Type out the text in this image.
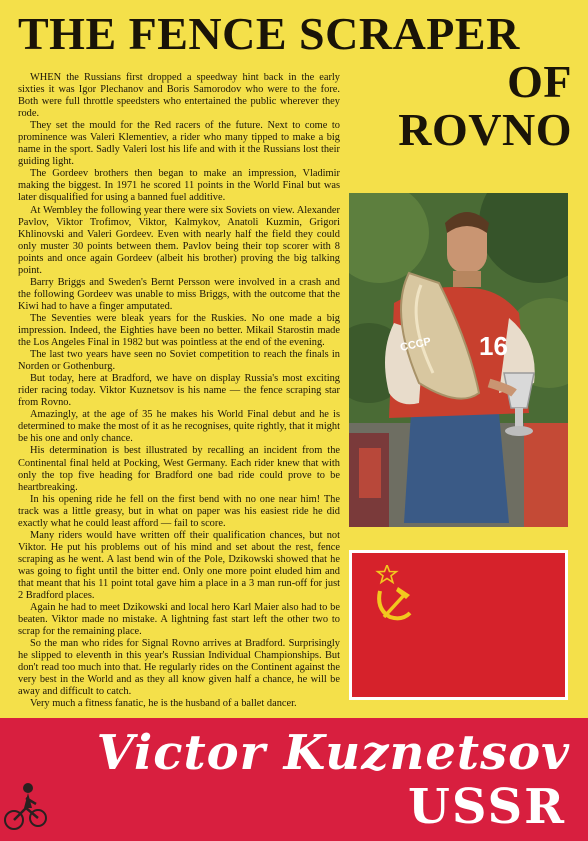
THE FENCE SCRAPER
OF
ROVNO

WHEN the Russians first dropped a speedway hint back in the early sixties it was Igor Plechanov and Boris Samorodov who were to the fore. Both were full throttle speedsters who entertained the public wherever they rode.

They set the mould for the Red racers of the future. Next to come to prominence was Valeri Klementiev, a rider who many tipped to make a big name in the sport. Sadly Valeri lost his life and with it the Russians lost their guiding light.

The Gordeev brothers then began to make an impression, Vladimir making the biggest. In 1971 he scored 11 points in the World Final but was later disqualified for using a banned fuel additive.

At Wembley the following year there were six Soviets on view. Alexander Pavlov, Viktor Trofimov, Viktor, Kalmykov, Anatoli Kuzmin, Grigori Khlinovski and Valeri Gordeev. Even with nearly half the field they could only muster 30 points between them. Pavlov being their top scorer with 8 points and once again Gordeev (albeit his brother) proving the big talking point.

Barry Briggs and Sweden's Bernt Persson were involved in a crash and the following Gordeev was unable to miss Briggs, with the outcome that the Kiwi had to have a finger amputated.

The Seventies were bleak years for the Ruskies. No one made a big impression. Indeed, the Eighties have been no better. Mikail Starostin made the Los Angeles Final in 1982 but was pointless at the end of the evening.

The last two years have seen no Soviet competition to reach the finals in Norden or Gothenburg.

But today, here at Bradford, we have on display Russia's most exciting rider racing today. Viktor Kuznetsov is his name — the fence scraping star from Rovno.

Amazingly, at the age of 35 he makes his World Final debut and he is determined to make the most of it as he recognises, quite rightly, that it might be his one and only chance.

His determination is best illustrated by recalling an incident from the Continental final held at Pocking, West Germany. Each rider knew that with only the top five heading for Bradford one bad ride could prove to be heartbreaking.

In his opening ride he fell on the first bend with no one near him! The track was a little greasy, but in what on paper was his easiest ride he did exactly what he could least afford — fail to score.

Many riders would have written off their qualification chances, but not Viktor. He put his problems out of his mind and set about the rest, fence scraping as he went. A last bend win of the Pole, Dzikowski showed that he was going to fight until the bitter end. Only one more point eluded him and that meant that his 11 point total gave him a place in a 3 man run-off for just 2 Bradford places.

Again he had to meet Dzikowski and local hero Karl Maier also had to be beaten. Viktor made no mistake. A lightning fast start left the other two to scrap for the remaining place.

So the man who rides for Signal Rovno arrives at Bradford. Surprisingly he slipped to eleventh in this year's Russian Individual Championships. But don't read too much into that. He regularly rides on the Continent against the very best in the World and as they all know given half a chance, he will be away and difficult to catch.

Very much a fitness fanatic, he is the husband of a ballet dancer.

16
CCCP
Victor Kuznetsov
USSR
